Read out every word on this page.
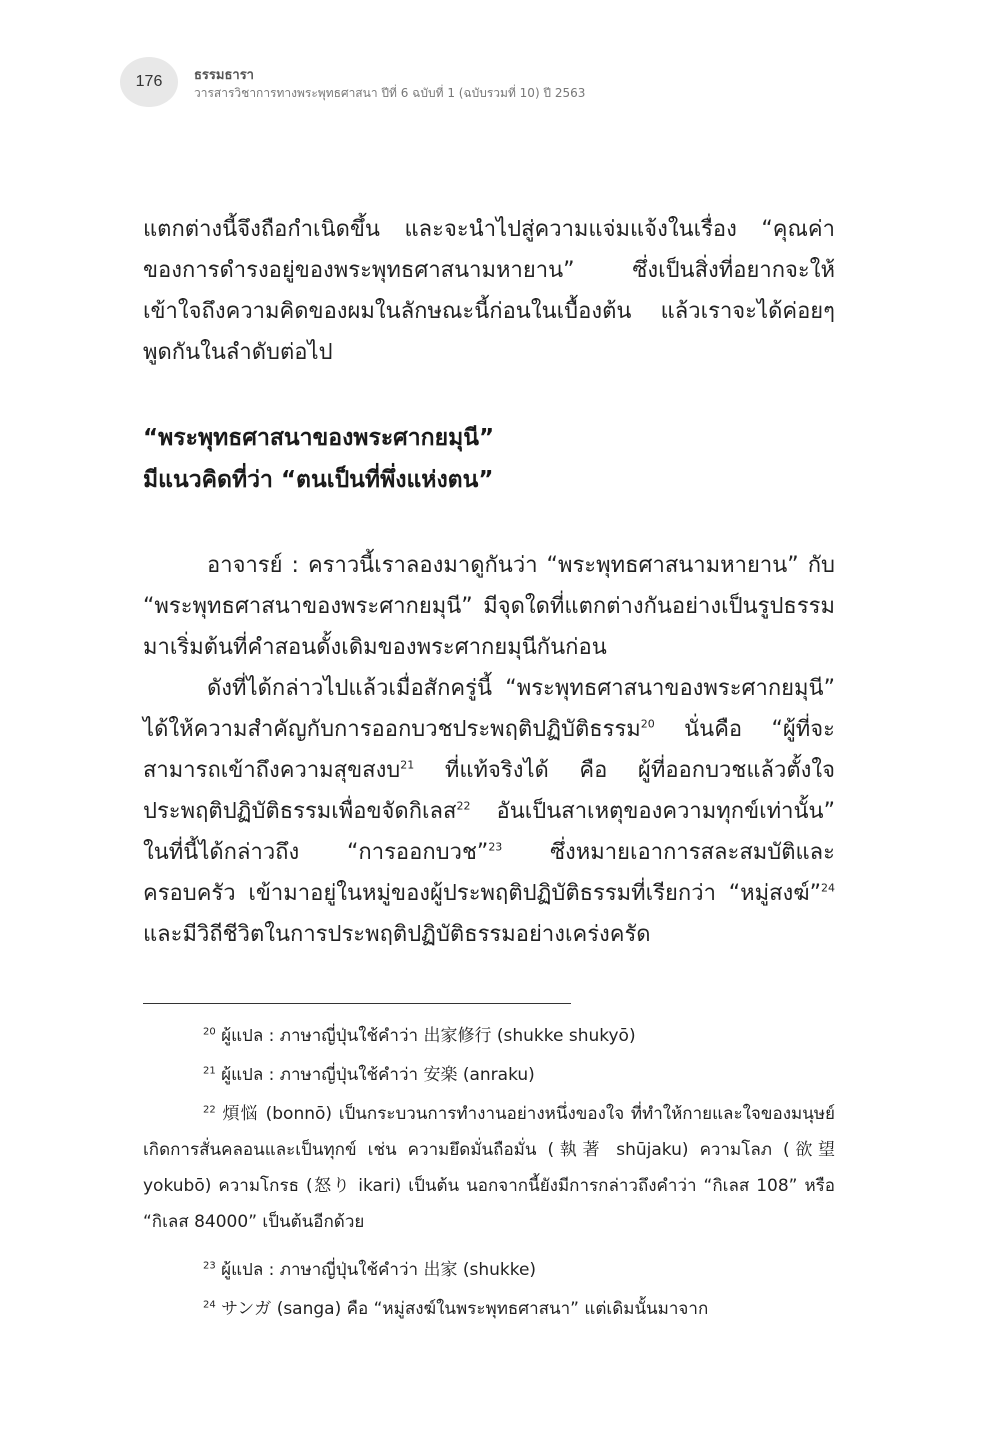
176 ธรรมธารา
วารสารวิชาการทางพระพุทธศาสนา ปีที่ 6 ฉบับที่ 1 (ฉบับรวมที่ 10) ปี 2563

แตกต่างนี้จึงถือกำเนิดขึ้น และจะนำไปสู่ความแจ่มแจ้งในเรื่อง “คุณค่าของการดำรงอยู่ของพระพุทธศาสนามหายาน” ซึ่งเป็นสิ่งที่อยากจะให้เข้าใจถึงความคิดของผมในลักษณะนี้ก่อนในเบื้องต้น แล้วเราจะได้ค่อยๆ พูดกันในลำดับต่อไป

“พระพุทธศาสนาของพระศากยมุนี”
มีแนวคิดที่ว่า “ตนเป็นที่พึ่งแห่งตน”

อาจารย์ : คราวนี้เราลองมาดูกันว่า “พระพุทธศาสนามหายาน” กับ “พระพุทธศาสนาของพระศากยมุนี” มีจุดใดที่แตกต่างกันอย่างเป็นรูปธรรม มาเริ่มต้นที่คำสอนดั้งเดิมของพระศากยมุนีกันก่อน

ดังที่ได้กล่าวไปแล้วเมื่อสักครู่นี้ “พระพุทธศาสนาของพระศากยมุนี” ได้ให้ความสำคัญกับการออกบวชประพฤติปฏิบัติธรรม$^{20}$ นั่นคือ “ผู้ที่จะสามารถเข้าถึงความสุขสงบ$^{21}$ ที่แท้จริงได้ คือ ผู้ที่ออกบวชแล้วตั้งใจประพฤติปฏิบัติธรรมเพื่อขจัดกิเลส$^{22}$ อันเป็นสาเหตุของความทุกข์เท่านั้น” ในที่นี้ได้กล่าวถึง “การออกบวช”$^{23}$ ซึ่งหมายเอาการสละสมบัติและครอบครัว เข้ามาอยู่ในหมู่ของผู้ประพฤติปฏิบัติธรรมที่เรียกว่า “หมู่สงฆ์”$^{24}$ และมีวิถีชีวิตในการประพฤติปฏิบัติธรรมอย่างเคร่งครัด

$^{20}$ ผู้แปล : ภาษาญี่ปุ่นใช้คำว่า 出家修行 (shukke shukyō)

$^{21}$ ผู้แปล : ภาษาญี่ปุ่นใช้คำว่า 安楽 (anraku)

$^{22}$ 煩悩 (bonnō) เป็นกระบวนการทำงานอย่างหนึ่งของใจ ที่ทำให้กายและใจของมนุษย์เกิดการสั่นคลอนและเป็นทุกข์ เช่น ความยึดมั่นถือมั่น (執著 shūjaku) ความโลภ (欲望 yokubō) ความโกรธ (怒り ikari) เป็นต้น นอกจากนี้ยังมีการกล่าวถึงคำว่า “กิเลส 108” หรือ “กิเลส 84000” เป็นต้นอีกด้วย

$^{23}$ ผู้แปล : ภาษาญี่ปุ่นใช้คำว่า 出家 (shukke)

$^{24}$ サンガ (sanga) คือ “หมู่สงฆ์ในพระพุทธศาสนา” แต่เดิมนั้นมาจาก
